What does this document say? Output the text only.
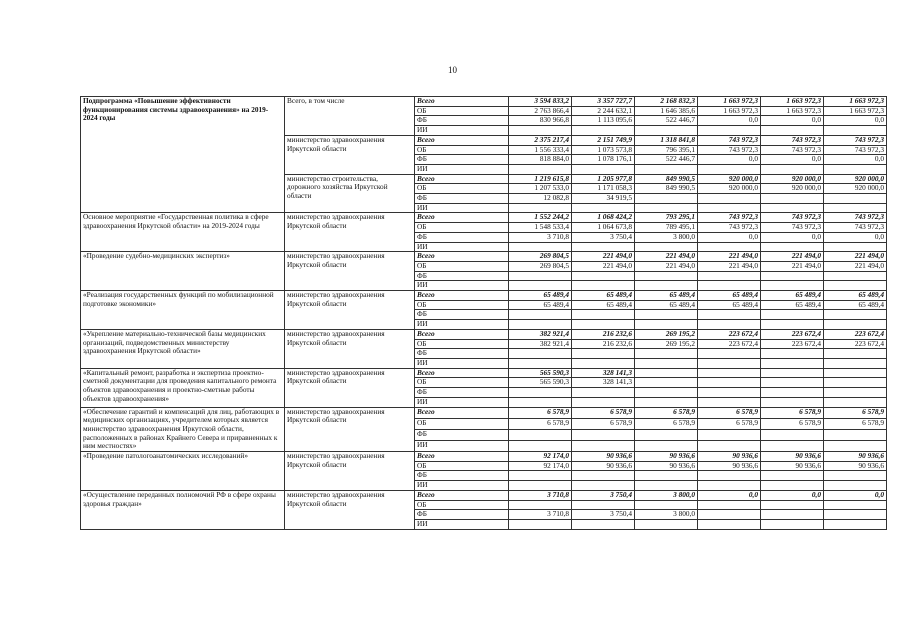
10
Подпрограмма «Повышение эффективности функционирования системы здравоохранения» на 2019-2024 годы	Всего, в том числе	Всего	3 594 833,2	3 357 727,7	2 168 832,3	1 663 972,3	1 663 972,3	1 663 972,3
		ОБ	2 763 866,4	2 244 632,1	1 646 385,6	1 663 972,3	1 663 972,3	1 663 972,3
		ФБ	830 966,8	1 113 095,6	522 446,7	0,0	0,0	0,0
		ИИ						
	министерство здравоохранения Иркутской области	Всего	2 375 217,4	2 151 749,9	1 318 841,8	743 972,3	743 972,3	743 972,3
		ОБ	1 556 333,4	1 073 573,8	796 395,1	743 972,3	743 972,3	743 972,3
		ФБ	818 884,0	1 078 176,1	522 446,7	0,0	0,0	0,0
		ИИ						
	министерство строительства, дорожного хозяйства Иркутской области	Всего	1 219 615,8	1 205 977,8	849 990,5	920 000,0	920 000,0	920 000,0
		ОБ	1 207 533,0	1 171 058,3	849 990,5	920 000,0	920 000,0	920 000,0
		ФБ	12 082,8	34 919,5				
		ИИ						
Основное мероприятие «Государственная политика в сфере здравоохранения Иркутской области» на 2019-2024 годы	министерство здравоохранения Иркутской области	Всего	1 552 244,2	1 068 424,2	793 295,1	743 972,3	743 972,3	743 972,3
		ОБ	1 548 533,4	1 064 673,8	789 495,1	743 972,3	743 972,3	743 972,3
		ФБ	3 710,8	3 750,4	3 800,0	0,0	0,0	0,0
		ИИ						
«Проведение судебно-медицинских экспертиз»	министерство здравоохранения Иркутской области	Всего	269 804,5	221 494,0	221 494,0	221 494,0	221 494,0	221 494,0
		ОБ	269 804,5	221 494,0	221 494,0	221 494,0	221 494,0	221 494,0
		ФБ						
		ИИ						
«Реализация государственных функций по мобилизационной подготовке экономики»	министерство здравоохранения Иркутской области	Всего	65 489,4	65 489,4	65 489,4	65 489,4	65 489,4	65 489,4
		ОБ	65 489,4	65 489,4	65 489,4	65 489,4	65 489,4	65 489,4
		ФБ						
		ИИ						
«Укрепление материально-технической базы медицинских организаций, подведомственных министерству здравоохранения Иркутской области»	министерство здравоохранения Иркутской области	Всего	382 921,4	216 232,6	269 195,2	223 672,4	223 672,4	223 672,4
		ОБ	382 921,4	216 232,6	269 195,2	223 672,4	223 672,4	223 672,4
		ФБ						
		ИИ						
«Капитальный ремонт, разработка и экспертиза проектно-сметной документации для проведения капитального ремонта объектов здравоохранения и проектно-сметные работы объектов здравоохранения»	министерство здравоохранения Иркутской области	Всего	565 590,3	328 141,3				
		ОБ	565 590,3	328 141,3				
		ФБ						
		ИИ						
«Обеспечение гарантий и компенсаций для лиц, работающих в медицинских организациях, учредителем которых является министерство здравоохранения Иркутской области, расположенных в районах Крайнего Севера и приравненных к ним местностях»	министерство здравоохранения Иркутской области	Всего	6 578,9	6 578,9	6 578,9	6 578,9	6 578,9	6 578,9
		ОБ	6 578,9	6 578,9	6 578,9	6 578,9	6 578,9	6 578,9
		ФБ						
		ИИ						
«Проведение патологоанатомических исследований»	министерство здравоохранения Иркутской области	Всего	92 174,0	90 936,6	90 936,6	90 936,6	90 936,6	90 936,6
		ОБ	92 174,0	90 936,6	90 936,6	90 936,6	90 936,6	90 936,6
		ФБ						
		ИИ						
«Осуществление переданных полномочий РФ в сфере охраны здоровья граждан»	министерство здравоохранения Иркутской области	Всего	3 710,8	3 750,4	3 800,0	0,0	0,0	0,0
		ОБ						
		ФБ	3 710,8	3 750,4	3 800,0			
		ИИ						
